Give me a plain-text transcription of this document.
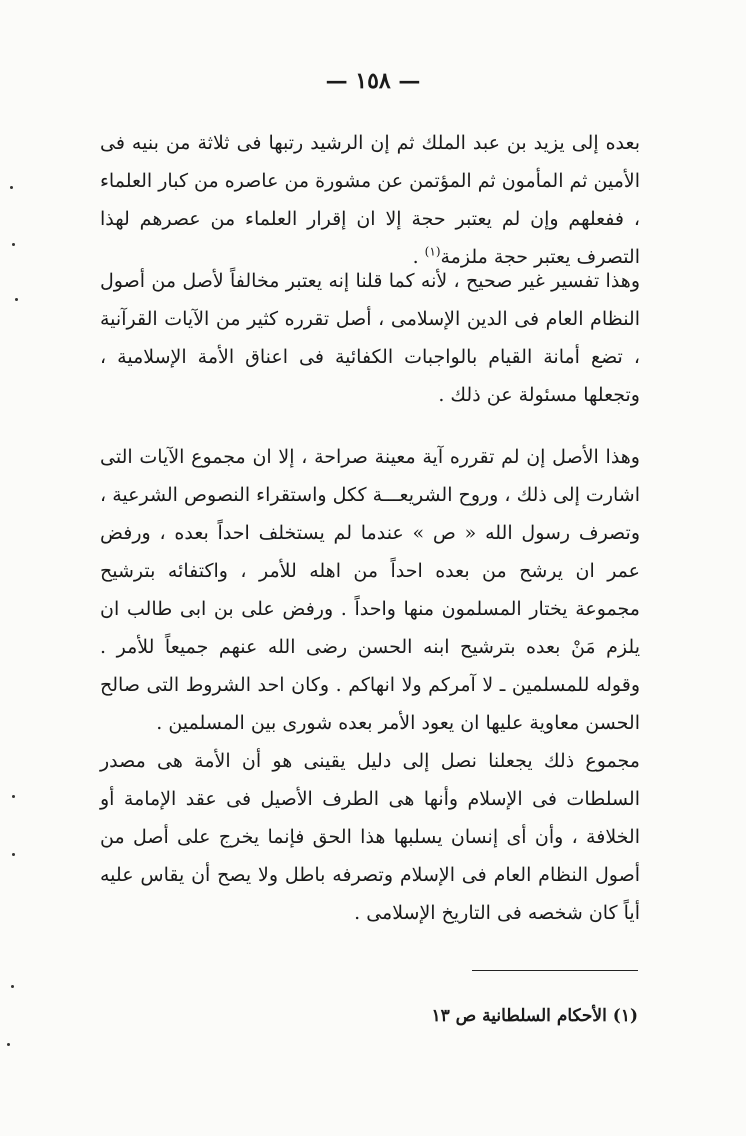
— ١٥٨ —

بعده إلى يزيد بن عبد الملك ثم إن الرشيد رتبها فى ثلاثة من بنيه فى الأمين ثم المأمون ثم المؤتمن عن مشورة من عاصره من كبار العلماء ، ففعلهم وإن لم يعتبر حجة إلا ان إقرار العلماء من عصرهم لهذا التصرف يعتبر حجة ملزمة$^{(١)}$ .

وهذا تفسير غير صحيح ، لأنه كما قلنا إنه يعتبر مخالفاً لأصل من أصول النظام العام فى الدين الإسلامى ، أصل تقرره كثير من الآيات القرآنية ، تضع أمانة القيام بالواجبات الكفائية فى اعناق الأمة الإسلامية ، وتجعلها مسئولة عن ذلك .

وهذا الأصل إن لم تقرره آية معينة صراحة ، إلا ان مجموع الآيات التى اشارت إلى ذلك ، وروح الشريعـــة ككل واستقراء النصوص الشرعية ، وتصرف رسول الله « ص » عندما لم يستخلف احداً بعده ، ورفض عمر ان يرشح من بعده احداً من اهله للأمر ، واكتفائه بترشيح مجموعة يختار المسلمون منها واحداً . ورفض على بن ابى طالب ان يلزم مَنْ بعده بترشيح ابنه الحسن رضى الله عنهم جميعاً للأمر . وقوله للمسلمين ـ لا آمركم ولا انهاكم . وكان احد الشروط التى صالح الحسن معاوية عليها ان يعود الأمر بعده شورى بين المسلمين .

مجموع ذلك يجعلنا نصل إلى دليل يقينى هو أن الأمة هى مصدر السلطات فى الإسلام وأنها هى الطرف الأصيل فى عقد الإمامة أو الخلافة ، وأن أى إنسان يسلبها هذا الحق فإنما يخرج على أصل من أصول النظام العام فى الإسلام وتصرفه باطل ولا يصح أن يقاس عليه أياً كان شخصه فى التاريخ الإسلامى .

(١) الأحكام السلطانية ص ١٣
